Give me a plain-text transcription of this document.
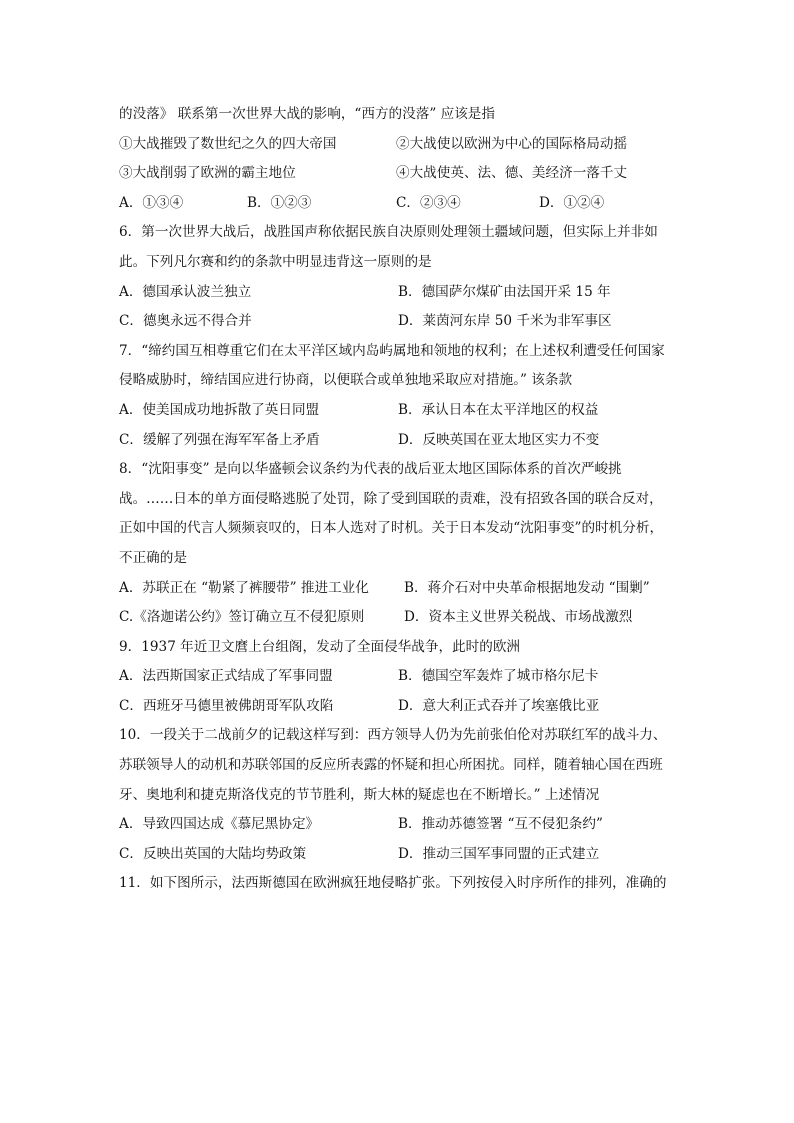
的没落》 联系第一次世界大战的影响，“西方的没落” 应该是指
①大战摧毁了数世纪之久的四大帝国	②大战使以欧洲为中心的国际格局动摇
③大战削弱了欧洲的霸主地位	④大战使英、法、德、美经济一落千丈
A．①③④	B．①②③	C．②③④	D．①②④
6．第一次世界大战后，战胜国声称依据民族自决原则处理领土疆域问题，但实际上并非如
此。下列凡尔赛和约的条款中明显违背这一原则的是
A．德国承认波兰独立	B．德国萨尔煤矿由法国开采 15 年
C．德奥永远不得合并	D．莱茵河东岸 50 千米为非军事区
7．“缔约国互相尊重它们在太平洋区域内岛屿属地和领地的权利；在上述权利遭受任何国家
侵略威胁时，缔结国应进行协商，以便联合或单独地采取应对措施。” 该条款
A．使美国成功地拆散了英日同盟	B．承认日本在太平洋地区的权益
C．缓解了列强在海军军备上矛盾	D．反映英国在亚太地区实力不变
8．“沈阳事变” 是向以华盛顿会议条约为代表的战后亚太地区国际体系的首次严峻挑
战。……日本的单方面侵略逃脱了处罚，除了受到国联的责难，没有招致各国的联合反对，
正如中国的代言人频频哀叹的，日本人选对了时机。关于日本发动“沈阳事变”的时机分析，
不正确的是
A．苏联正在 “勒紧了裤腰带” 推进工业化	B．蒋介石对中央革命根据地发动 “围剿”
C.《洛迦诺公约》签订确立互不侵犯原则	D．资本主义世界关税战、市场战激烈
9．1937 年近卫文麿上台组阁，发动了全面侵华战争，此时的欧洲
A．法西斯国家正式结成了军事同盟	B．德国空军轰炸了城市格尔尼卡
C．西班牙马德里被佛朗哥军队攻陷	D．意大利正式吞并了埃塞俄比亚
10．一段关于二战前夕的记载这样写到：西方领导人仍为先前张伯伦对苏联红军的战斗力、
苏联领导人的动机和苏联邻国的反应所表露的怀疑和担心所困扰。同样，随着轴心国在西班
牙、奥地利和捷克斯洛伐克的节节胜利，斯大林的疑虑也在不断增长。” 上述情况
A．导致四国达成《慕尼黑协定》	B．推动苏德签署 “互不侵犯条约”
C．反映出英国的大陆均势政策	D．推动三国军事同盟的正式建立
11．如下图所示，法西斯德国在欧洲疯狂地侵略扩张。下列按侵入时序所作的排列，准确的
